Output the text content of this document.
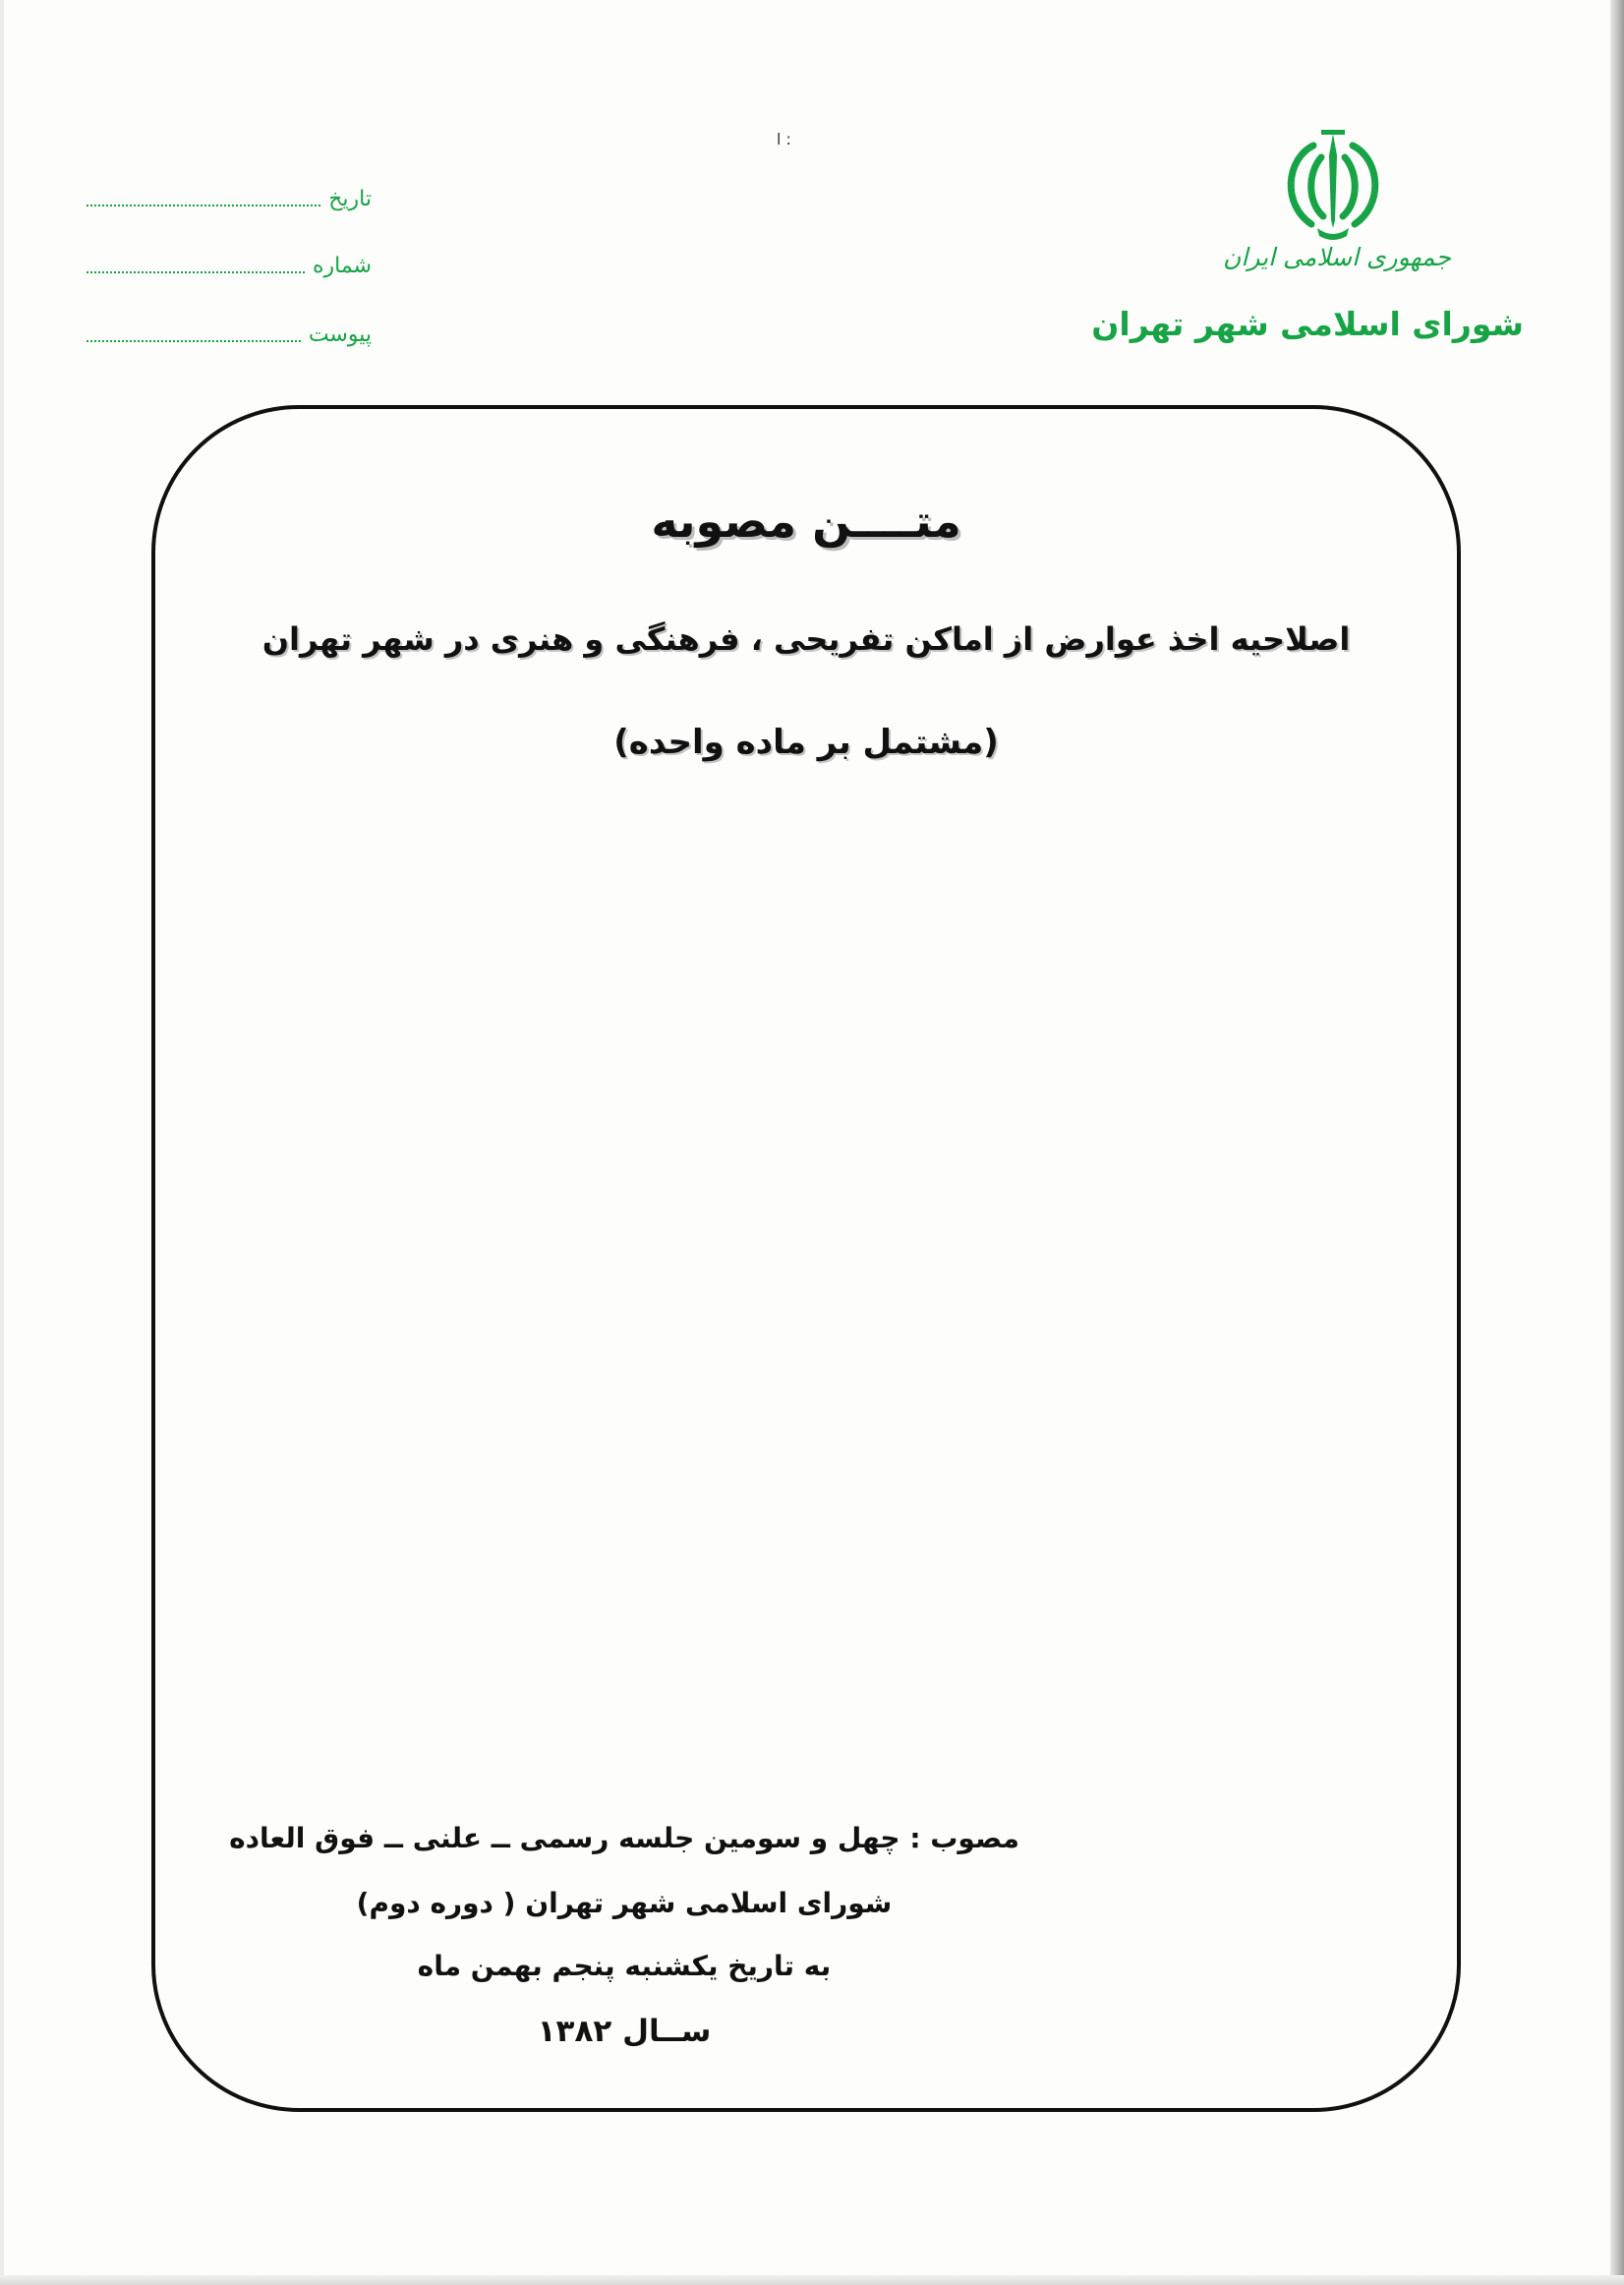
تاریخ
شماره
پیوست
ا :
جمهوری اسلامی ایران
شورای اسلامی شهر تهران
متــــن مصوبه
اصلاحیه اخذ عوارض از اماکن تفریحی ، فرهنگی و هنری در شهر تهران
(مشتمل بر ماده واحده)
مصوب : چهل و سومین جلسه رسمی ــ علنی ــ فوق العاده
شورای اسلامی شهر تهران ( دوره دوم)
به تاریخ یکشنبه پنجم بهمن ماه
ســال ۱۳۸۲
